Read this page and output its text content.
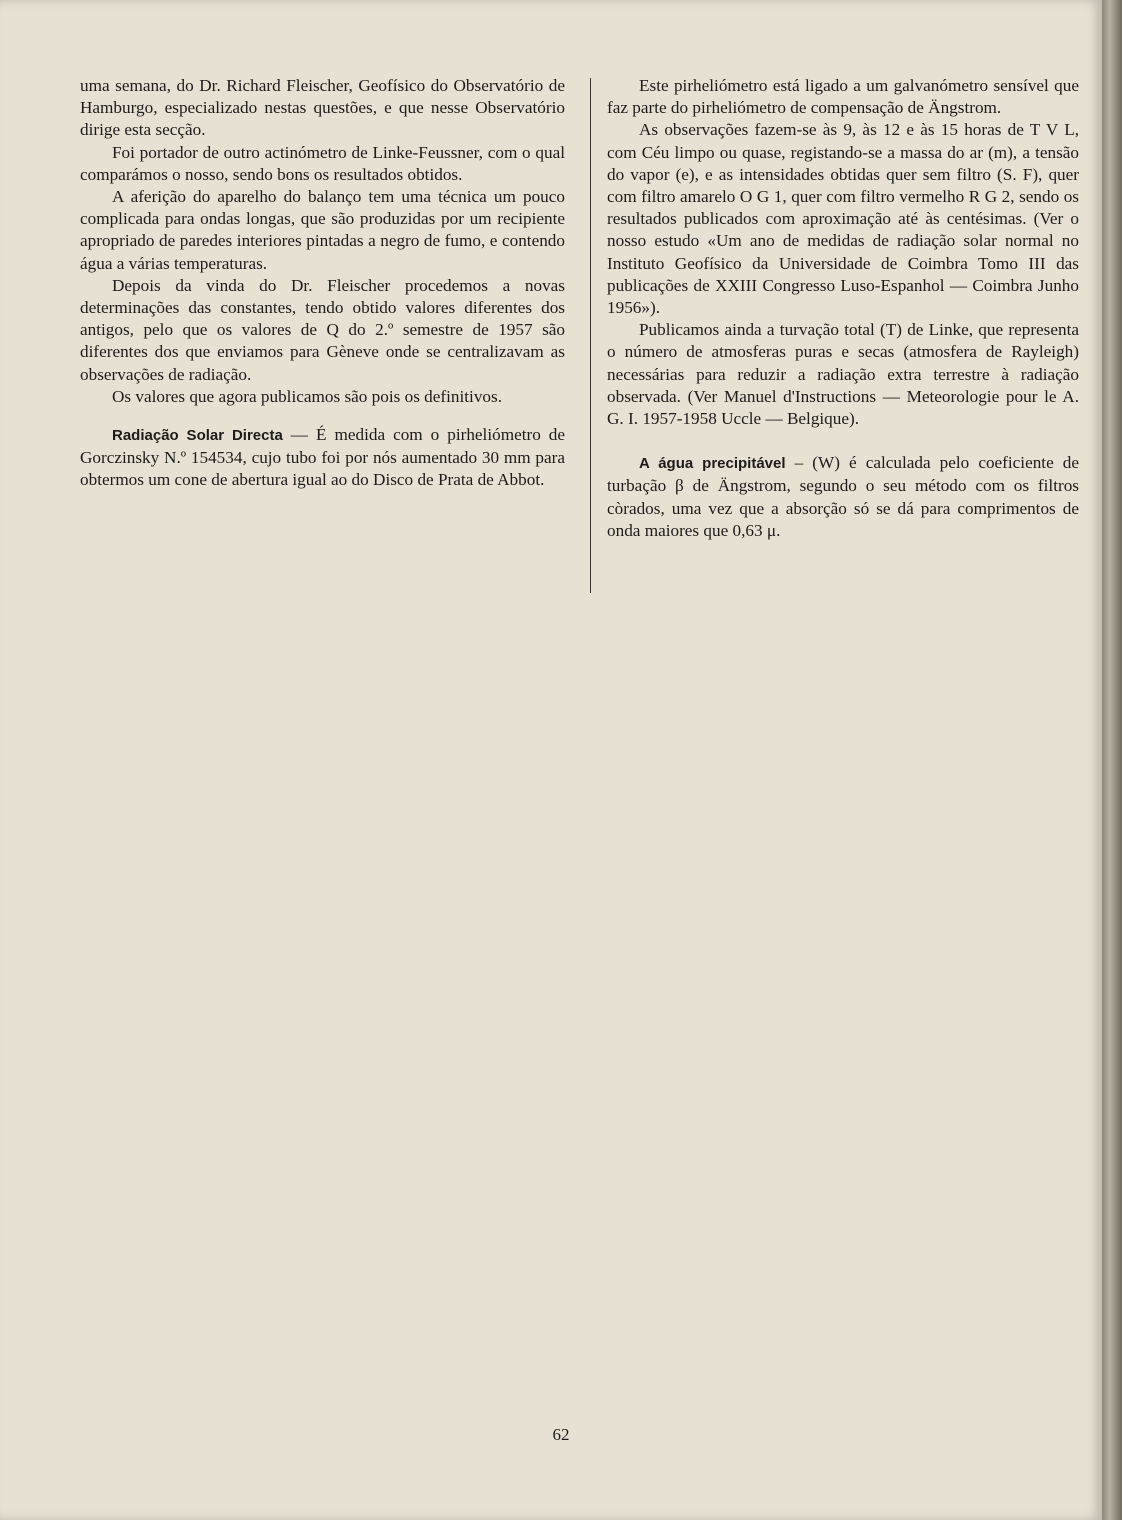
uma semana, do Dr. Richard Fleischer, Geofísico do Observatório de Hamburgo, especializado nestas questões, e que nesse Observatório dirige esta secção.

Foi portador de outro actinómetro de Linke-Feussner, com o qual comparámos o nosso, sendo bons os resultados obtidos.

A aferição do aparelho do balanço tem uma técnica um pouco complicada para ondas longas, que são produzidas por um recipiente apropriado de paredes interiores pintadas a negro de fumo, e contendo água a várias temperaturas.

Depois da vinda do Dr. Fleischer procedemos a novas determinações das constantes, tendo obtido valores diferentes dos antigos, pelo que os valores de Q do 2.º semestre de 1957 são diferentes dos que enviamos para Gèneve onde se centralizavam as observações de radiação.

Os valores que agora publicamos são pois os definitivos.

Radiação Solar Directa — É medida com o pirheliómetro de Gorczinsky N.º 154534, cujo tubo foi por nós aumentado 30 mm para obtermos um cone de abertura igual ao do Disco de Prata de Abbot.

Este pirheliómetro está ligado a um galvanómetro sensível que faz parte do pirheliómetro de compensação de Ängstrom.

As observações fazem-se às 9, às 12 e às 15 horas de T V L, com Céu limpo ou quase, registando-se a massa do ar (m), a tensão do vapor (e), e as intensidades obtidas quer sem filtro (S. F), quer com filtro amarelo O G 1, quer com filtro vermelho R G 2, sendo os resultados publicados com aproximação até às centésimas. (Ver o nosso estudo «Um ano de medidas de radiação solar normal no Instituto Geofísico da Universidade de Coimbra Tomo III das publicações de XXIII Congresso Luso-Espanhol — Coimbra Junho 1956»).

Publicamos ainda a turvação total (T) de Linke, que representa o número de atmosferas puras e secas (atmosfera de Rayleigh) necessárias para reduzir a radiação extra terrestre à radiação observada. (Ver Manuel d'Instructions — Meteorologie pour le A. G. I. 1957-1958 Uccle — Belgique).

A água precipitável – (W) é calculada pelo coeficiente de turbação β de Ängstrom, segundo o seu método com os filtros còrados, uma vez que a absorção só se dá para comprimentos de onda maiores que 0,63 μ.

62
